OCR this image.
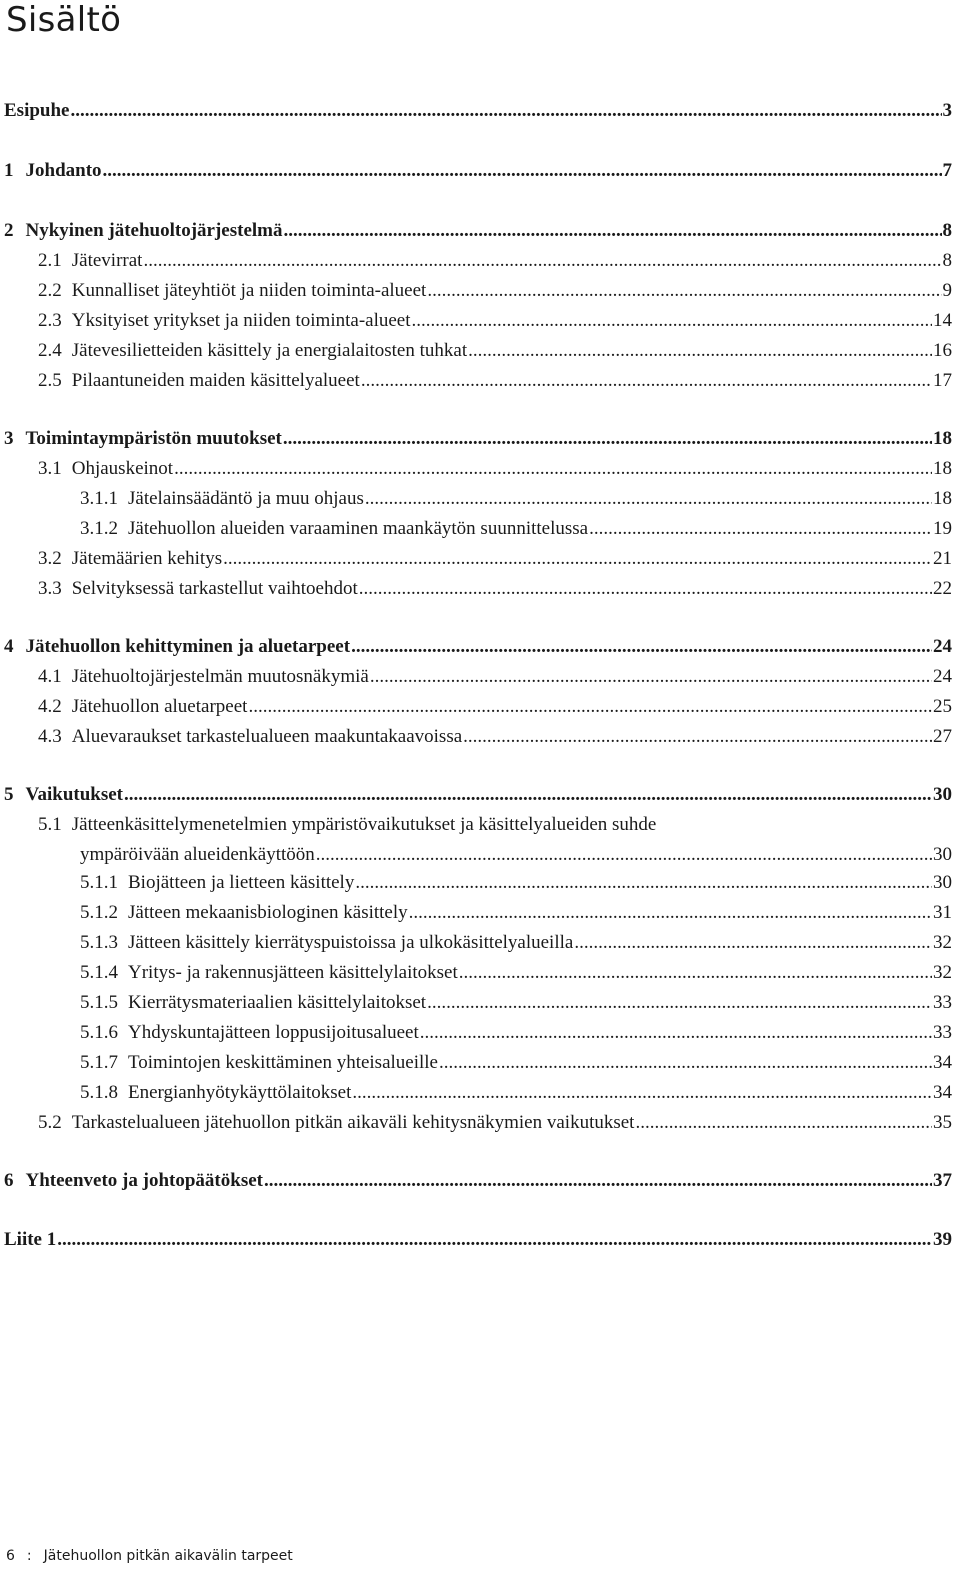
Sisältö
Esipuhe .....	3
1 Johdanto .....	7
2 Nykyinen jätehuoltojärjestelmä .....	8
2.1 Jätevirrat .....	8
2.2 Kunnalliset jäteyhtiöt ja niiden toiminta-alueet .....	9
2.3 Yksityiset yritykset ja niiden toiminta-alueet .....	14
2.4 Jätevesilietteiden käsittely ja energialaitosten tuhkat .....	16
2.5 Pilaantuneiden maiden käsittelyalueet .....	17
3 Toimintaympäristön muutokset .....	18
3.1 Ohjauskeinot .....	18
3.1.1 Jätelainsäädäntö ja muu ohjaus .....	18
3.1.2 Jätehuollon alueiden varaaminen maankäytön suunnittelussa .....	19
3.2 Jätemäärien kehitys .....	21
3.3 Selvityksessä tarkastellut vaihtoehdot .....	22
4 Jätehuollon kehittyminen ja aluetarpeet .....	24
4.1 Jätehuoltojärjestelmän muutosnäkymiä .....	24
4.2 Jätehuollon aluetarpeet .....	25
4.3 Aluevaraukset tarkastelualueen maakuntakaavoissa .....	27
5 Vaikutukset .....	30
5.1 Jätteenkäsittelymenetelmien ympäristövaikutukset ja käsittelyalueiden suhde
ympäröivään alueidenkäyttöön .....	30
5.1.1 Biojätteen ja lietteen käsittely .....	30
5.1.2 Jätteen mekaanisbiologinen käsittely .....	31
5.1.3 Jätteen käsittely kierrätyspuistoissa ja ulkokäsittelyalueilla .....	32
5.1.4 Yritys- ja rakennusjätteen käsittelylaitokset .....	32
5.1.5 Kierrätysmateriaalien käsittelylaitokset .....	33
5.1.6 Yhdyskuntajätteen loppusijoitusalueet .....	33
5.1.7 Toimintojen keskittäminen yhteisalueille .....	34
5.1.8 Energianhyötykäyttölaitokset .....	34
5.2 Tarkastelualueen jätehuollon pitkän aikaväli kehitysnäkymien vaikutukset .....	35
6 Yhteenveto ja johtopäätökset .....	37
Liite 1 .....	39
6 : Jätehuollon pitkän aikavälin tarpeet
